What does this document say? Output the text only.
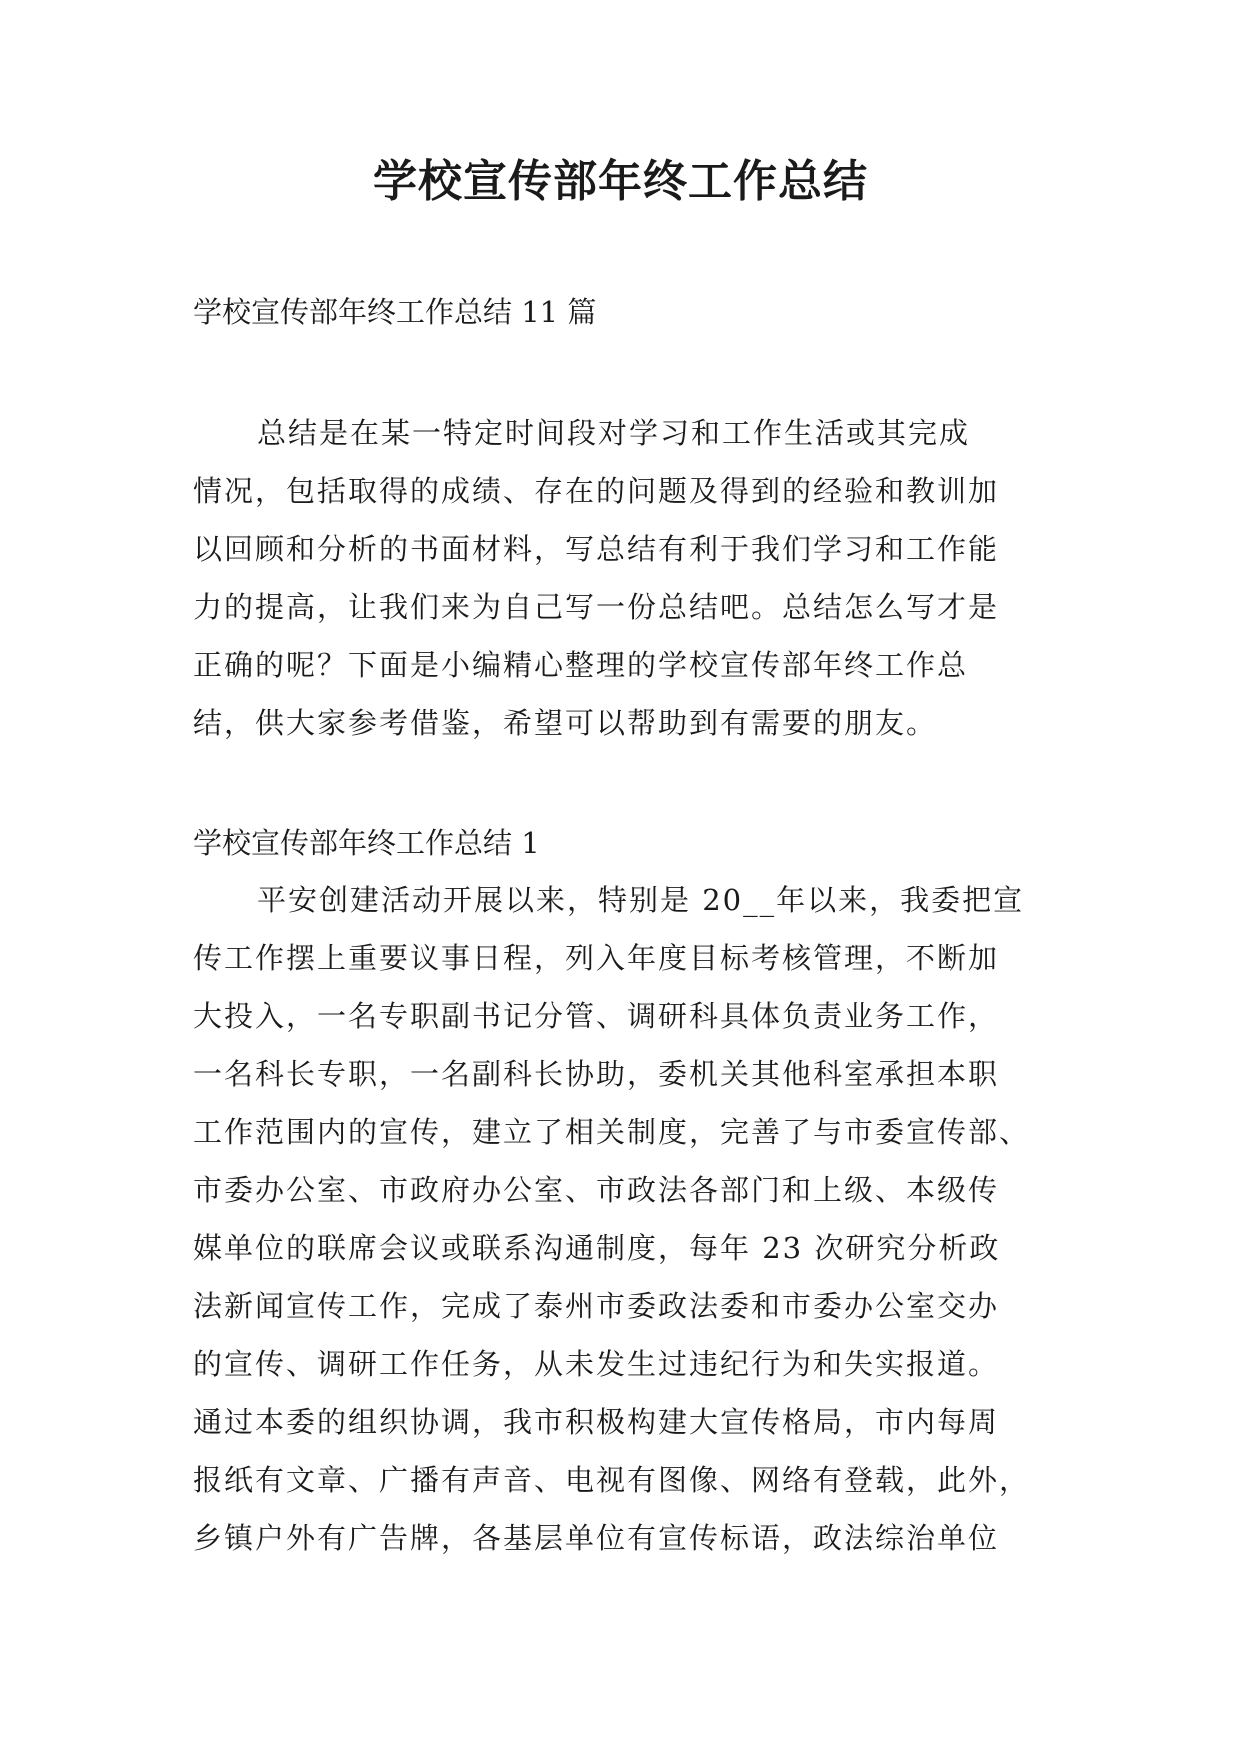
学校宣传部年终工作总结

学校宣传部年终工作总结 11 篇

总结是在某一特定时间段对学习和工作生活或其完成
情况，包括取得的成绩、存在的问题及得到的经验和教训加
以回顾和分析的书面材料，写总结有利于我们学习和工作能
力的提高，让我们来为自己写一份总结吧。总结怎么写才是
正确的呢？下面是小编精心整理的学校宣传部年终工作总
结，供大家参考借鉴，希望可以帮助到有需要的朋友。

学校宣传部年终工作总结 1

平安创建活动开展以来，特别是 20__年以来，我委把宣
传工作摆上重要议事日程，列入年度目标考核管理，不断加
大投入，一名专职副书记分管、调研科具体负责业务工作，
一名科长专职，一名副科长协助，委机关其他科室承担本职
工作范围内的宣传，建立了相关制度，完善了与市委宣传部、
市委办公室、市政府办公室、市政法各部门和上级、本级传
媒单位的联席会议或联系沟通制度，每年 23 次研究分析政
法新闻宣传工作，完成了泰州市委政法委和市委办公室交办
的宣传、调研工作任务，从未发生过违纪行为和失实报道。
通过本委的组织协调，我市积极构建大宣传格局，市内每周
报纸有文章、广播有声音、电视有图像、网络有登载，此外，
乡镇户外有广告牌，各基层单位有宣传标语，政法综治单位
